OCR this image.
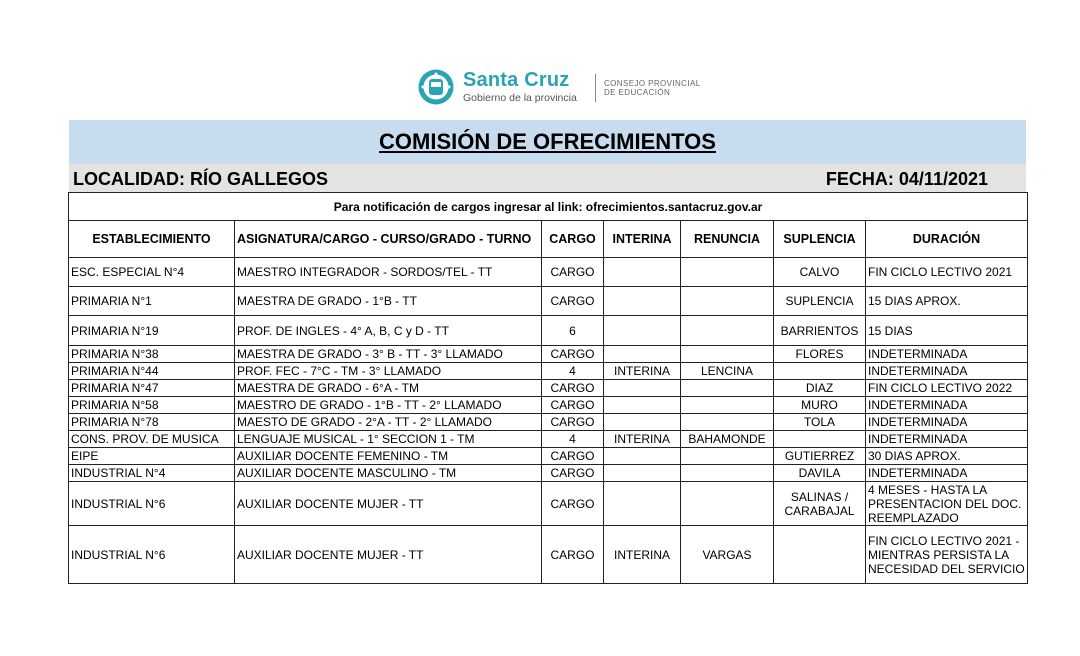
Santa Cruz
Gobierno de la provincia
CONSEJO PROVINCIAL
DE EDUCACIÓN
COMISIÓN DE OFRECIMIENTOS
LOCALIDAD: RÍO GALLEGOS	FECHA: 04/11/2021
Para notificación de cargos ingresar al link: ofrecimientos.santacruz.gov.ar						
ESTABLECIMIENTO	ASIGNATURA/CARGO - CURSO/GRADO - TURNO	CARGO	INTERINA	RENUNCIA	SUPLENCIA	DURACIÓN
ESC. ESPECIAL N°4	MAESTRO INTEGRADOR - SORDOS/TEL - TT	CARGO			CALVO	FIN CICLO LECTIVO 2021
PRIMARIA N°1	MAESTRA DE GRADO - 1°B - TT	CARGO			SUPLENCIA	15 DIAS APROX.
PRIMARIA N°19	PROF. DE INGLES - 4° A, B, C y D - TT	6			BARRIENTOS	15 DIAS
PRIMARIA N°38	MAESTRA DE GRADO - 3° B - TT - 3° LLAMADO	CARGO			FLORES	INDETERMINADA
PRIMARIA N°44	PROF. FEC - 7°C - TM - 3° LLAMADO	4	INTERINA	LENCINA		INDETERMINADA
PRIMARIA N°47	MAESTRA DE GRADO - 6°A - TM	CARGO			DIAZ	FIN CICLO LECTIVO 2022
PRIMARIA N°58	MAESTRO DE GRADO - 1°B - TT - 2° LLAMADO	CARGO			MURO	INDETERMINADA
PRIMARIA N°78	MAESTO DE GRADO - 2°A - TT - 2° LLAMADO	CARGO			TOLA	INDETERMINADA
CONS. PROV. DE MUSICA	LENGUAJE MUSICAL - 1° SECCION 1 - TM	4	INTERINA	BAHAMONDE		INDETERMINADA
EIPE	AUXILIAR DOCENTE FEMENINO - TM	CARGO			GUTIERREZ	30 DIAS APROX.
INDUSTRIAL N°4	AUXILIAR DOCENTE MASCULINO - TM	CARGO			DAVILA	INDETERMINADA
INDUSTRIAL N°6	AUXILIAR DOCENTE MUJER - TT	CARGO			SALINAS / CARABAJAL	4 MESES - HASTA LA PRESENTACION DEL DOC. REEMPLAZADO
INDUSTRIAL N°6	AUXILIAR DOCENTE MUJER - TT	CARGO	INTERINA	VARGAS		FIN CICLO LECTIVO 2021 - MIENTRAS PERSISTA LA NECESIDAD DEL SERVICIO
